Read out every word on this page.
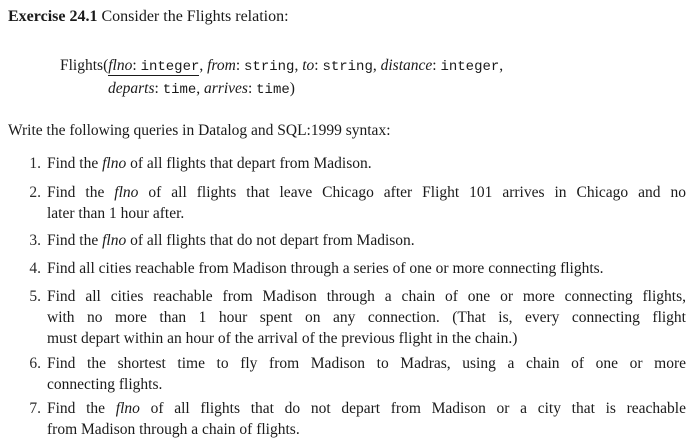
Exercise 24.1 Consider the Flights relation:
Flights(flno: integer
, from: string, to: string, distance: integer,
departs: time, arrives: time)
Write the following queries in Datalog and SQL:1999 syntax:
1. Find the flno of all flights that depart from Madison.
2. Find the flno of all flights that leave Chicago after Flight 101 arrives in Chicago and no
later than 1 hour after.
3. Find the flno of all flights that do not depart from Madison.
4. Find all cities reachable from Madison through a series of one or more connecting flights.
5. Find all cities reachable from Madison through a chain of one or more connecting flights,
with no more than 1 hour spent on any connection. (That is, every connecting flight
must depart within an hour of the arrival of the previous flight in the chain.)
6. Find the shortest time to fly from Madison to Madras, using a chain of one or more
connecting flights.
7. Find the flno of all flights that do not depart from Madison or a city that is reachable
from Madison through a chain of flights.
